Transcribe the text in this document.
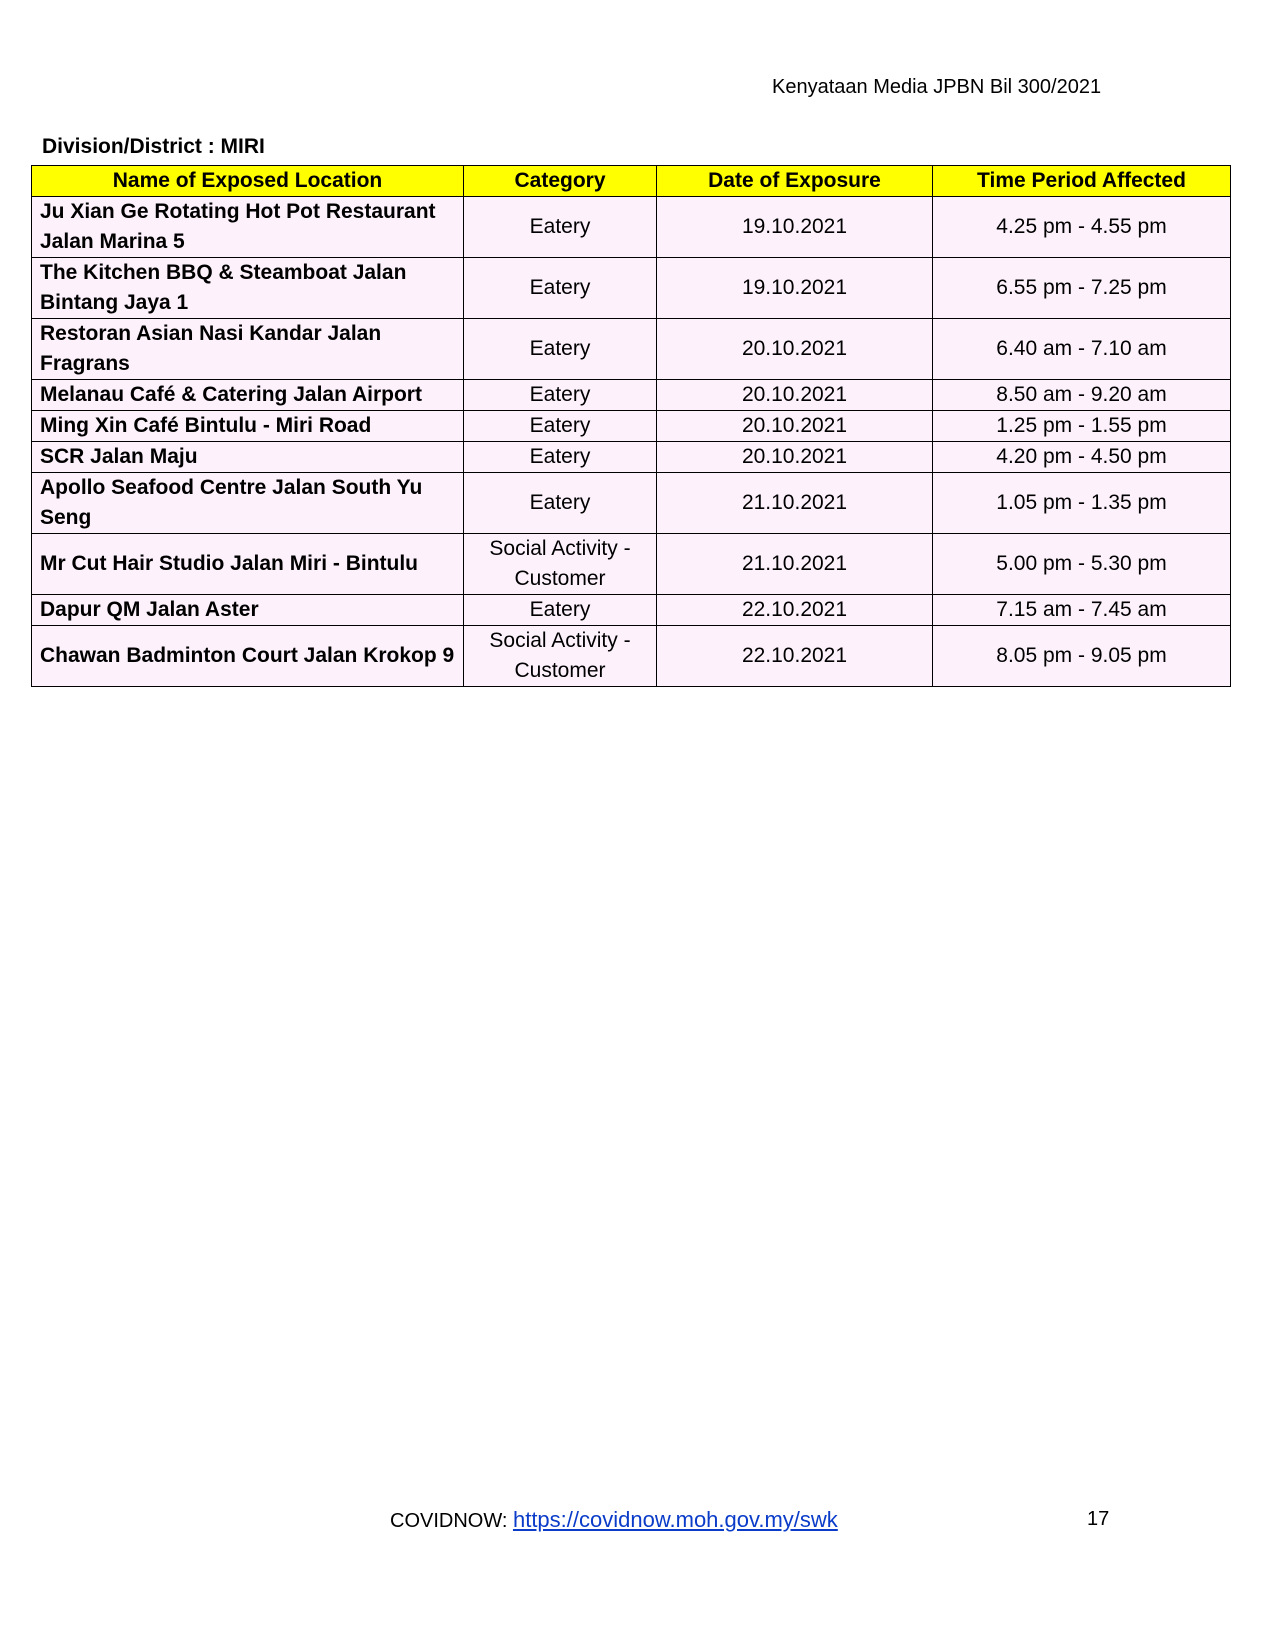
Kenyataan Media JPBN Bil 300/2021
Division/District : MIRI
Name of Exposed Location	Category	Date of Exposure	Time Period Affected
Ju Xian Ge Rotating Hot Pot Restaurant Jalan Marina 5	Eatery	19.10.2021	4.25 pm - 4.55 pm
The Kitchen BBQ & Steamboat Jalan Bintang Jaya 1	Eatery	19.10.2021	6.55 pm - 7.25 pm
Restoran Asian Nasi Kandar Jalan Fragrans	Eatery	20.10.2021	6.40 am - 7.10 am
Melanau Café & Catering Jalan Airport	Eatery	20.10.2021	8.50 am - 9.20 am
Ming Xin Café Bintulu - Miri Road	Eatery	20.10.2021	1.25 pm - 1.55 pm
SCR Jalan Maju	Eatery	20.10.2021	4.20 pm - 4.50 pm
Apollo Seafood Centre Jalan South Yu Seng	Eatery	21.10.2021	1.05 pm - 1.35 pm
Mr Cut Hair Studio Jalan Miri - Bintulu	Social Activity - Customer	21.10.2021	5.00 pm - 5.30 pm
Dapur QM Jalan Aster	Eatery	22.10.2021	7.15 am - 7.45 am
Chawan Badminton Court Jalan Krokop 9	Social Activity - Customer	22.10.2021	8.05 pm - 9.05 pm
COVIDNOW: https://covidnow.moh.gov.my/swk	17
